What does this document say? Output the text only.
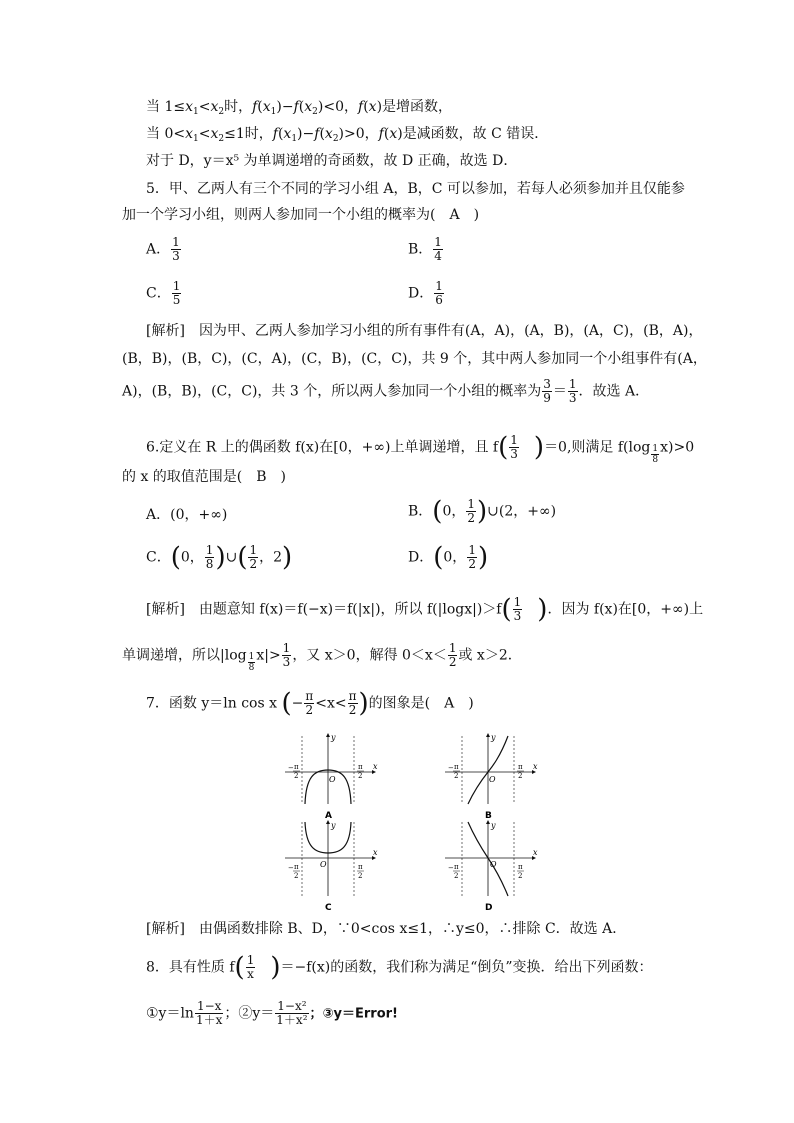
当 $1\le x_1<x_2$时，$f(x_1)-f(x_2)<0$，f(x)是增函数，
当 $0<x_1<x_2\le 1$时，$f(x_1)-f(x_2)>0$，f(x)是减函数，故 C 错误．
对于 D，y＝x⁵ 为单调递增的奇函数，故 D 正确，故选 D．
5．甲、乙两人有三个不同的学习小组 A，B，C 可以参加，若每人必须参加并且仅能参
加一个学习小组，则两人参加同一个小组的概率为(　A　)
A． $\frac{1}{3}$	B． $\frac{1}{4}$
C． $\frac{1}{5}$	D． $\frac{1}{6}$
[解析]　 因为甲、乙两人参加学习小组的所有事件有(A，A)，(A，B)，(A，C)，(B，A)，
(B，B)，(B，C)，(C，A)，(C，B)，(C，C)，共 9 个，其中两人参加同一个小组事件有(A，
A)，(B，B)，(C，C)，共 3 个，所以两人参加同一个小组的概率为 $\frac{3}{9} = \frac{1}{3}$ ．故选 A．
6.定义在 R 上的偶函数 f(x)在[0，+∞)上单调递增，且 $f( \frac{1}{3}$
　 )＝0,则满足 $f(\log \frac{1}{8} x)>0$
的 x 的取值范围是(　B　)
A．(0，+∞)	B．(0， $\frac{1}{2}$ )∪(2，+∞)
C．(0， $\frac{1}{8}$ )∪( $\frac{1}{2}$ ，2)	D．(0， $\frac{1}{2}$ )
[解析]　 由题意知 f(x)＝f(−x)＝f(|x|)，所以 $f(|\log x|)>f( \frac{1}{3}$
　 )．因为 f(x)在[0，+∞)上
单调递增，所以$|\log \frac{1}{8} x|> \frac{1}{3}$ ，又 x＞0，解得 $0<x< \frac{1}{2}$ 或 x＞2．
7．函数 y＝ln cos x (− $\frac{\pi}{2} <x< \frac{\pi}{2}$ )的图象是(　A　)
x
y
O
− π
2
π
2
A
x
y
O
− π
2
π
2
B
x
y
O
− π
2
π
2
C
x
y
O
− π
2
π
2
D
[解析]　 由偶函数排除 B、D，∵0<cos x≤1，∴y≤0，∴排除 C．故选 A．
8．具有性质 $f( \frac{1}{x}$
　 )＝−f(x)的函数，我们称为满足“倒负”变换．给出下列函数：
①y＝ln $\frac{1-x}{1+x}$ ；②y＝ $\frac{\text{1−x²}}{\text{1＋x²}}$ ；③y＝Error!
